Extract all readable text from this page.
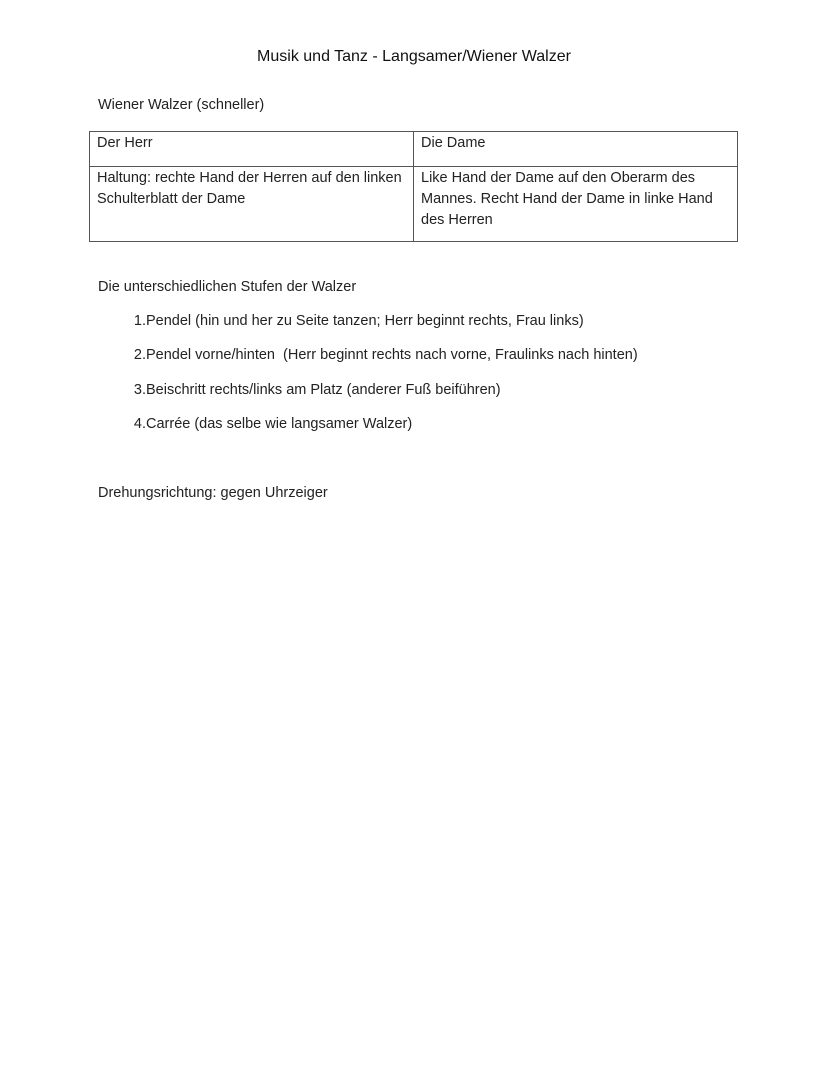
Musik und Tanz - Langsamer/Wiener Walzer

Wiener Walzer (schneller)

Der Herr	Die Dame
Haltung: rechte Hand der Herren auf den linken Schulterblatt der Dame	Like Hand der Dame auf den Oberarm des Mannes. Recht Hand der Dame in linke Hand des Herren

Die unterschiedlichen Stufen der Walzer

1. Pendel (hin und her zu Seite tanzen; Herr beginnt rechts, Frau links)
2. Pendel vorne/hinten  (Herr beginnt rechts nach vorne, Fraulinks nach hinten)
3. Beischritt rechts/links am Platz (anderer Fuß beiführen)
4. Carrée (das selbe wie langsamer Walzer)

Drehungsrichtung: gegen Uhrzeiger
